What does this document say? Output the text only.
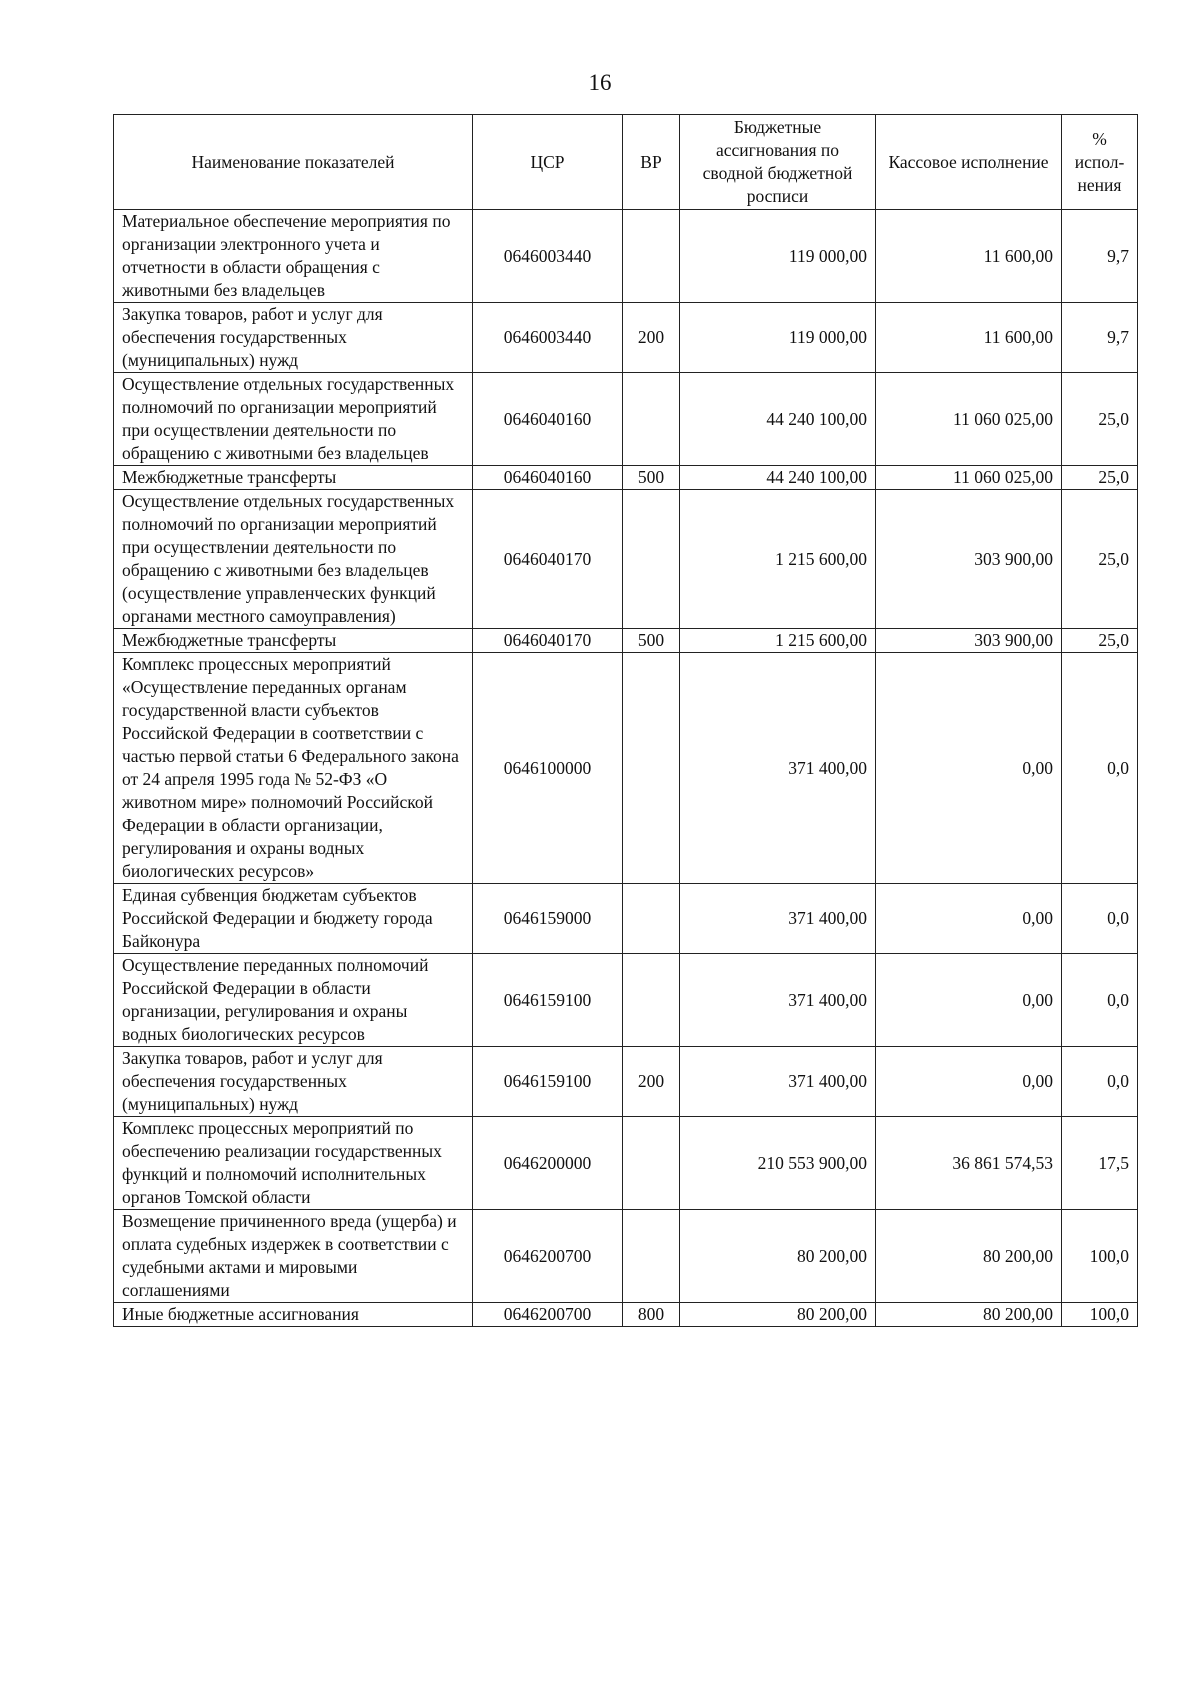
16
Наименование показателей	ЦСР	ВР	Бюджетные ассигнования по сводной бюджетной росписи	Кассовое исполнение	% испол-нения
Материальное обеспечение мероприятия по организации электронного учета и отчетности в области обращения с животными без владельцев	0646003440		119 000,00	11 600,00	9,7
Закупка товаров, работ и услуг для обеспечения государственных (муниципальных) нужд	0646003440	200	119 000,00	11 600,00	9,7
Осуществление отдельных государственных полномочий по организации мероприятий при осуществлении деятельности по обращению с животными без владельцев	0646040160		44 240 100,00	11 060 025,00	25,0
Межбюджетные трансферты	0646040160	500	44 240 100,00	11 060 025,00	25,0
Осуществление отдельных государственных полномочий по организации мероприятий при осуществлении деятельности по обращению с животными без владельцев (осуществление управленческих функций органами местного самоуправления)	0646040170		1 215 600,00	303 900,00	25,0
Межбюджетные трансферты	0646040170	500	1 215 600,00	303 900,00	25,0
Комплекс процессных мероприятий «Осуществление переданных органам государственной власти субъектов Российской Федерации в соответствии с частью первой статьи 6 Федерального закона от 24 апреля 1995 года № 52-ФЗ «О животном мире» полномочий Российской Федерации в области организации, регулирования и охраны водных биологических ресурсов»	0646100000		371 400,00	0,00	0,0
Единая субвенция бюджетам субъектов Российской Федерации и бюджету города Байконура	0646159000		371 400,00	0,00	0,0
Осуществление переданных полномочий Российской Федерации в области организации, регулирования и охраны водных биологических ресурсов	0646159100		371 400,00	0,00	0,0
Закупка товаров, работ и услуг для обеспечения государственных (муниципальных) нужд	0646159100	200	371 400,00	0,00	0,0
Комплекс процессных мероприятий по обеспечению реализации государственных функций и полномочий исполнительных органов Томской области	0646200000		210 553 900,00	36 861 574,53	17,5
Возмещение причиненного вреда (ущерба) и оплата судебных издержек в соответствии с судебными актами и мировыми соглашениями	0646200700		80 200,00	80 200,00	100,0
Иные бюджетные ассигнования	0646200700	800	80 200,00	80 200,00	100,0
